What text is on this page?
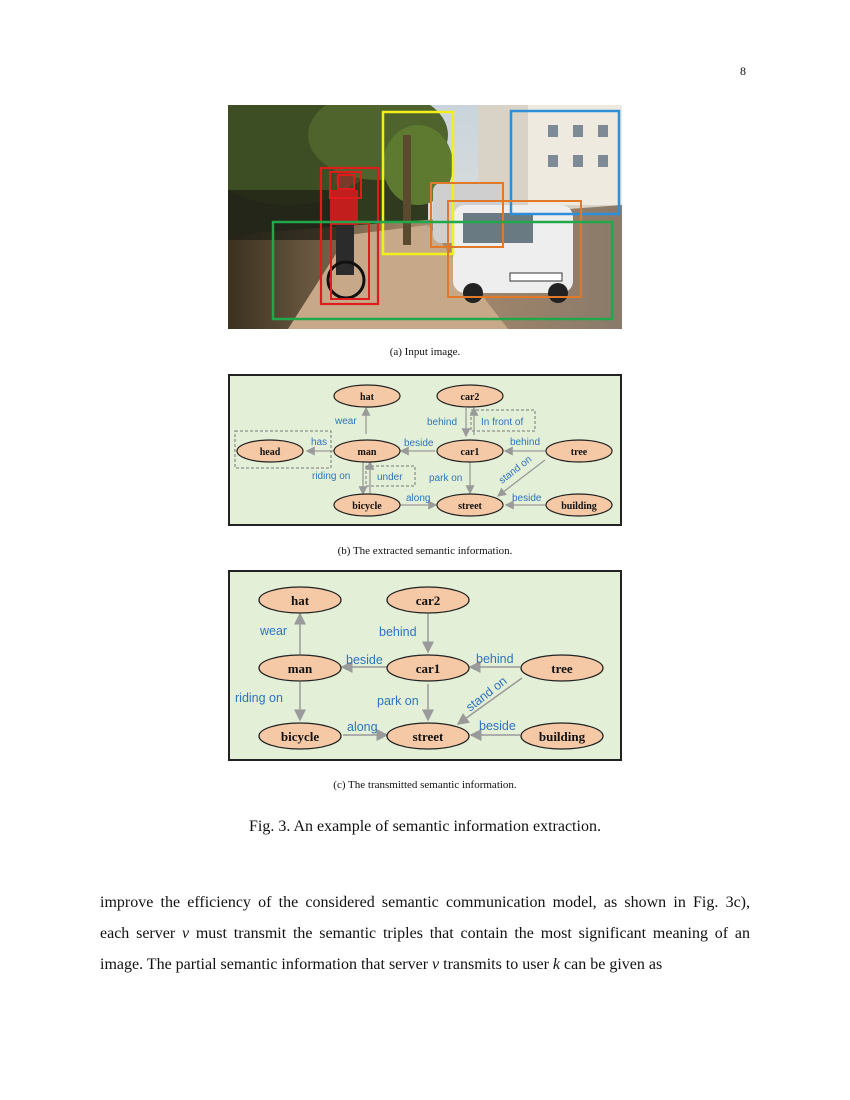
8
(a) Input image.
wear	behind In front of
has	beside	behind
riding on	under	park on	stand on
along	beside
hat	car2
head	man	car1	tree
bicycle	street	building
(b) The extracted semantic information.
wear	behind
beside	behind
riding on	park on	stand on
along	beside
hat	car2
man	car1	tree
bicycle	street	building
(c) The transmitted semantic information.
Fig. 3. An example of semantic information extraction.
improve the efficiency of the considered semantic communication model, as shown in Fig. 3c),
each server v must transmit the semantic triples that contain the most significant meaning of an
image. The partial semantic information that server v transmits to user k can be given as
